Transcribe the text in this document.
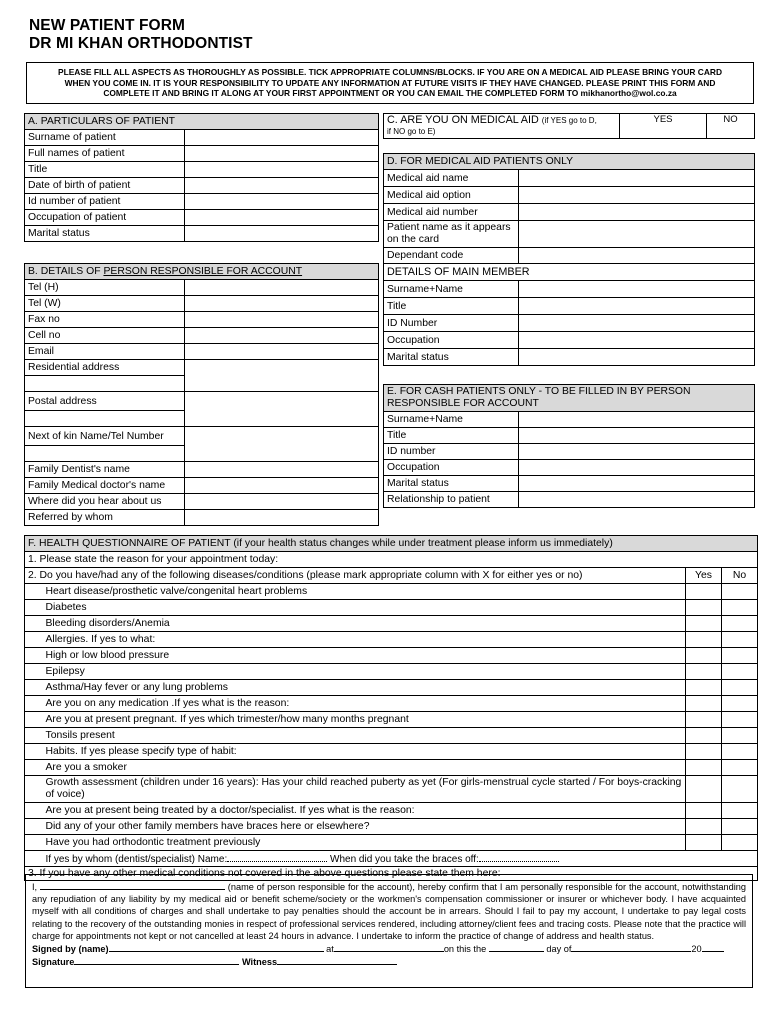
NEW PATIENT FORM
DR MI KHAN ORTHODONTIST
PLEASE FILL ALL ASPECTS AS THOROUGHLY AS POSSIBLE. TICK APPROPRIATE COLUMNS/BLOCKS. IF YOU ARE ON A MEDICAL AID PLEASE BRING YOUR CARD
WHEN YOU COME IN. IT IS YOUR RESPONSIBILITY TO UPDATE ANY INFORMATION AT FUTURE VISITS IF THEY HAVE CHANGED. PLEASE PRINT THIS FORM AND
COMPLETE IT AND BRING IT ALONG AT YOUR FIRST APPOINTMENT OR YOU CAN EMAIL THE COMPLETED FORM TO mikhanortho@wol.co.za
A. PARTICULARS OF PATIENT	
Surname of patient	
Full names of patient	
Title	
Date of birth of patient	
Id number of patient	
Occupation of patient	
Marital status	
B. DETAILS OF PERSON RESPONSIBLE FOR ACCOUNT	
Tel (H)	
Tel (W)	
Fax no	
Cell no	
Email	
Residential address	

Postal address	

Next of kin Name/Tel Number	

Family Dentist's name	
Family Medical doctor's name	
Where did you hear about us	
Referred by whom	
C. ARE YOU ON MEDICAL AID (if YES go to D,
if NO go to E)	YES	NO
D. FOR MEDICAL AID PATIENTS ONLY	
Medical aid name	
Medical aid option	
Medical aid number	
Patient name as it appears on the card	
Dependant code	
DETAILS OF MAIN MEMBER	
Surname+Name	
Title	
ID Number	
Occupation	
Marital status	
E. FOR CASH PATIENTS ONLY - TO BE FILLED IN BY PERSON RESPONSIBLE FOR ACCOUNT	
Surname+Name	
Title	
ID number	
Occupation	
Marital status	
Relationship to patient	
F. HEALTH QUESTIONNAIRE OF PATIENT (if your health status changes while under treatment please inform us immediately)			
1. Please state the reason for your appointment today:			
2. Do you have/had any of the following diseases/conditions (please mark appropriate column with X for either yes or no)		Yes	No
	Heart disease/prosthetic valve/congenital heart problems		
	Diabetes		
	Bleeding disorders/Anemia		
	Allergies. If yes to what:		
	High or low blood pressure		
	Epilepsy		
	Asthma/Hay fever or any lung problems		
	Are you on any medication .If yes what is the reason:		
	Are you at present pregnant. If yes which trimester/how many months pregnant		
	Tonsils present		
	Habits. If yes please specify type of habit:		
	Are you a smoker		
	Growth assessment (children under 16 years): Has your child reached puberty as yet (For girls-menstrual cycle started / For boys-cracking of voice)		
	Are you at present being treated by a doctor/specialist. If yes what is the reason:		
	Did any of your other family members have braces here or elsewhere?		
	Have you had orthodontic treatment previously		
	If yes by whom (dentist/specialist) Name: When did you take the braces off:		
3. If you have any other medical conditions not covered in the above questions please state them here:			
I,	(name of person responsible for the account), hereby confirm that I am personally responsible for the account, notwithstanding any repudiation of any liability by my medical aid or benefit scheme/society or the workmen's compensation commissioner or insurer or whichever body. I have acquainted myself with all conditions of charges and shall undertake to pay penalties should the account be in arrears. Should I fail to pay my account, I undertake to pay legal costs relating to the recovery of the outstanding monies in respect of professional services rendered, including attorney/client fees and tracing costs. Please note that the practice will charge for appointments not kept or not cancelled at least 24 hours in advance. I undertake to inform the practice of change of address and health status.
Signed by (name)	at	on this the	day of	20
Signature	Witness
